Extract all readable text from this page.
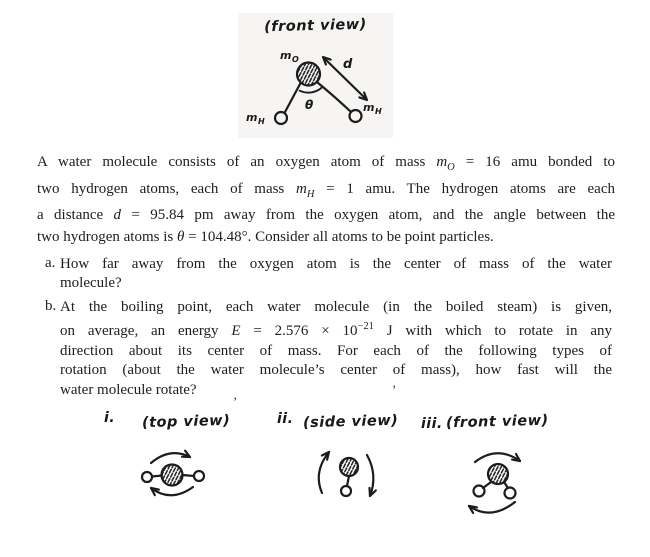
(front view)
$m_O$	d
θ
$m_H$
$m_H$
A water molecule consists of an oxygen atom of mass $m_O = 16$ amu bonded to
two hydrogen atoms, each of mass $m_H = 1$ amu. The hydrogen atoms are each
a distance d = 95.84 pm away from the oxygen atom, and the angle between the
two hydrogen atoms is θ = 104.48°. Consider all atoms to be point particles.
a. How far away from the oxygen atom is the center of mass of the water
molecule?
b. At the boiling point, each water molecule (in the boiled steam) is given,
on average, an energy $E = 2.576 \times 10^{-21}$ J with which to rotate in any
direction about its center of mass. For each of the following types of
rotation (about the water molecule’s center of mass), how fast will the
water molecule rotate?	‚	’
i. (top view)	ii. (side view) iii. (front view)
